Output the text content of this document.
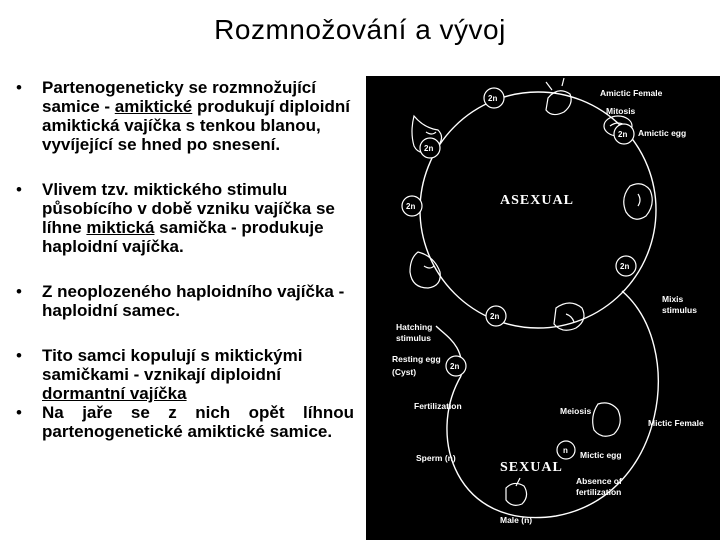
Rozmnožování a vývoj
• Partenogeneticky se rozmnožující samice - amiktické produkují diploidní amiktická vajíčka s tenkou blanou, vyvíjející se hned po snesení.
• Vlivem tzv. miktického stimulu působícího v době vzniku vajíčka se líhne miktická samička - produkuje haploidní vajíčka.
• Z neoplozeného haploidního vajíčka - haploidní samec.
• Tito samci kopulují s miktickými samičkami - vznikají diploidní dormantní vajíčka
• Na jaře se z nich opět líhnou partenogenetické amiktické samice.
2n
2n
2n
2n
2n
2n
2n
n
ASEXUAL
SEXUAL
Amictic Female
Mitosis
Amictic egg
Mixis
stimulus
Hatching
stimulus
Resting egg
(Cyst)
Fertilization	Meiosis
Mictic Female
Sperm (n)	Mictic egg
Absence of
fertilization
Male (n)
